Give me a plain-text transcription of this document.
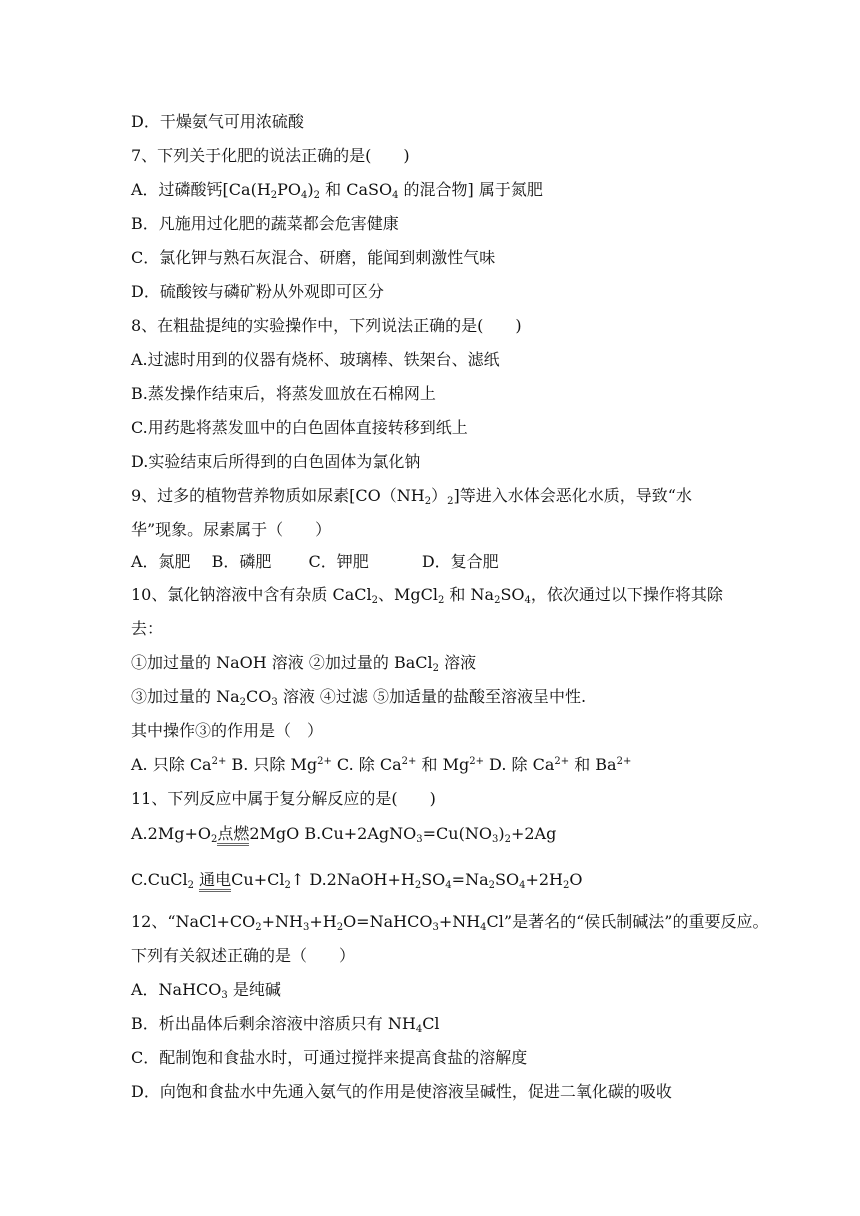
D．干燥氨气可用浓硫酸
7、下列关于化肥的说法正确的是(　　)
A．过磷酸钙[$Ca(H_2PO_4)_2$ 和 CaSO$_4$ 的混合物] 属于氮肥
B．凡施用过化肥的蔬菜都会危害健康
C．氯化钾与熟石灰混合、研磨，能闻到刺激性气味
D．硫酸铵与磷矿粉从外观即可区分
8、在粗盐提纯的实验操作中，下列说法正确的是(　　)
A.过滤时用到的仪器有烧杯、玻璃棒、铁架台、滤纸
B.蒸发操作结束后，将蒸发皿放在石棉网上
C.用药匙将蒸发皿中的白色固体直接转移到纸上
D.实验结束后所得到的白色固体为氯化钠
9、过多的植物营养物质如尿素$[CO(NH_2)_2]$等进入水体会恶化水质，导致“水
华”现象。尿素属于（　　）
A．氮肥　 B．磷肥　　 C．钾肥　　　 D．复合肥
10、氯化钠溶液中含有杂质 CaCl$_2$、MgCl$_2$ 和 $Na_2SO_4$，依次通过以下操作将其除
去：
①加过量的 NaOH 溶液 ②加过量的 BaCl$_2$ 溶液
③加过量的 $Na_2CO_3$ 溶液 ④过滤 ⑤加适量的盐酸至溶液呈中性.
其中操作③的作用是（　）
A. 只除 $Ca^{2+}$ B. 只除 $Mg^{2+}$ C. 除 $Ca^{2+}$ 和 $Mg^{2+}$ D. 除 $Ca^{2+}$ 和 $Ba^{2+}$
11、下列反应中属于复分解反应的是(　　)
$A.2Mg+O_2$点燃2MgO $B.Cu+2AgNO_3=Cu(NO_3)_2+2Ag$
C.CuCl$_2$ 通电$Cu+Cl_2↑$ $D.2NaOH+H_2SO_4=Na_2SO_4+2H_2O$
12、“$NaCl+CO_2+NH_3+H_2O=NaHCO_3+NH_4Cl$”是著名的“侯氏制碱法”的重要反应。
下列有关叙述正确的是（　　）
A．NaHCO$_3$ 是纯碱
B．析出晶体后剩余溶液中溶质只有 $NH_4Cl$
C．配制饱和食盐水时，可通过搅拌来提高食盐的溶解度
D．向饱和食盐水中先通入氨气的作用是使溶液呈碱性，促进二氧化碳的吸收
